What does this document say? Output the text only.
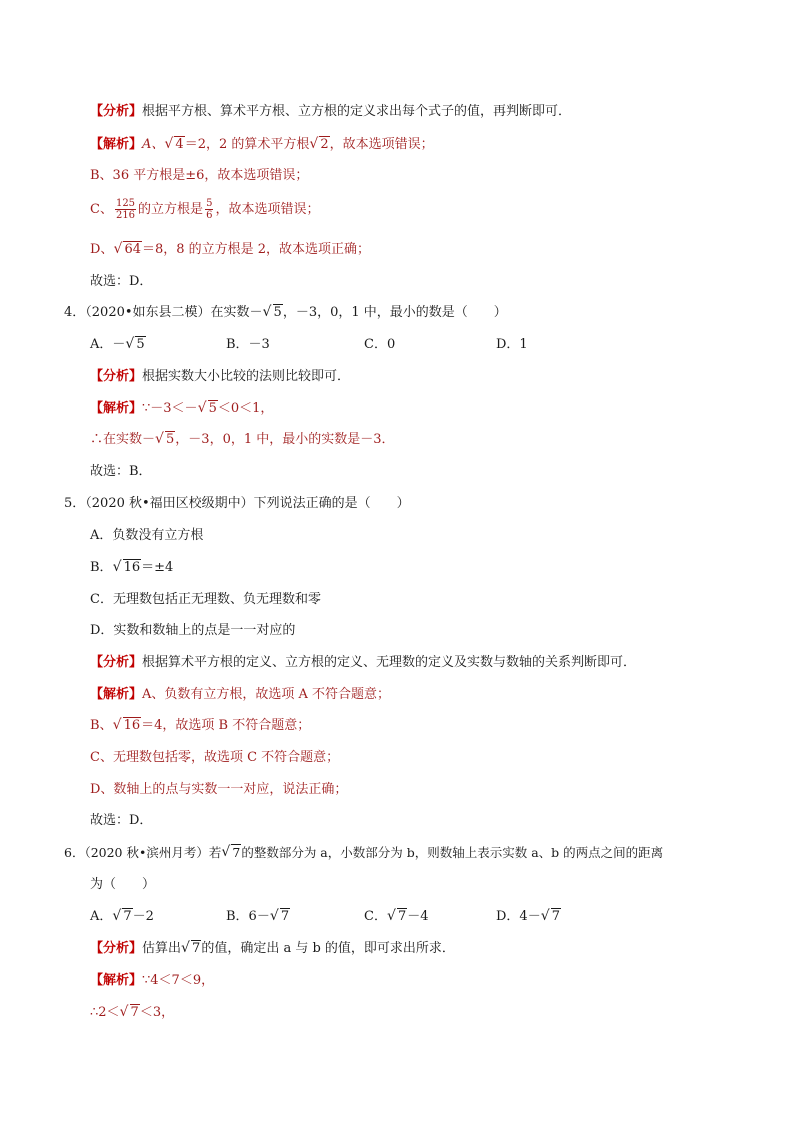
【分析】根据平方根、算术平方根、立方根的定义求出每个式子的值，再判断即可．
【解析】A、 √ 4＝2，2 的算术平方根 √ 2，故本选项错误；
B、36 平方根是±6，故本选项错误；
C、 $\frac{125}{216}$ 的立方根是 $\frac{5}{6}$ ，故本选项错误；
D、 √ 64＝8，8 的立方根是 2，故本选项正确；
故选：D．
4．（2020•如东县二模）在实数－ √ 5，－3，0，1 中，最小的数是（　　）
A．－ √ 5	B．－3	C．0	D．1
【分析】根据实数大小比较的法则比较即可．
【解析】∵－3＜－ √ 5＜0＜1，
∴在实数－ √ 5，－3，0，1 中，最小的实数是－3．
故选：B．
5．（2020 秋•福田区校级期中）下列说法正确的是（　　）
A．负数没有立方根
B． √ 16＝±4
C．无理数包括正无理数、负无理数和零
D．实数和数轴上的点是一一对应的
【分析】根据算术平方根的定义、立方根的定义、无理数的定义及实数与数轴的关系判断即可．
【解析】A、负数有立方根，故选项 A 不符合题意；
B、 √ 16＝4，故选项 B 不符合题意；
C、无理数包括零，故选项 C 不符合题意；
D、数轴上的点与实数一一对应，说法正确；
故选：D．
6．（2020 秋•滨州月考）若 √ 7的整数部分为 a，小数部分为 b，则数轴上表示实数 a、b 的两点之间的距离
为（　　）
A． √ 7－2	B．6－ √ 7	C． √ 7－4	D．4－ √ 7
【分析】估算出 √ 7的值，确定出 a 与 b 的值，即可求出所求．
【解析】∵4＜7＜9，
∴2＜ √ 7＜3，
